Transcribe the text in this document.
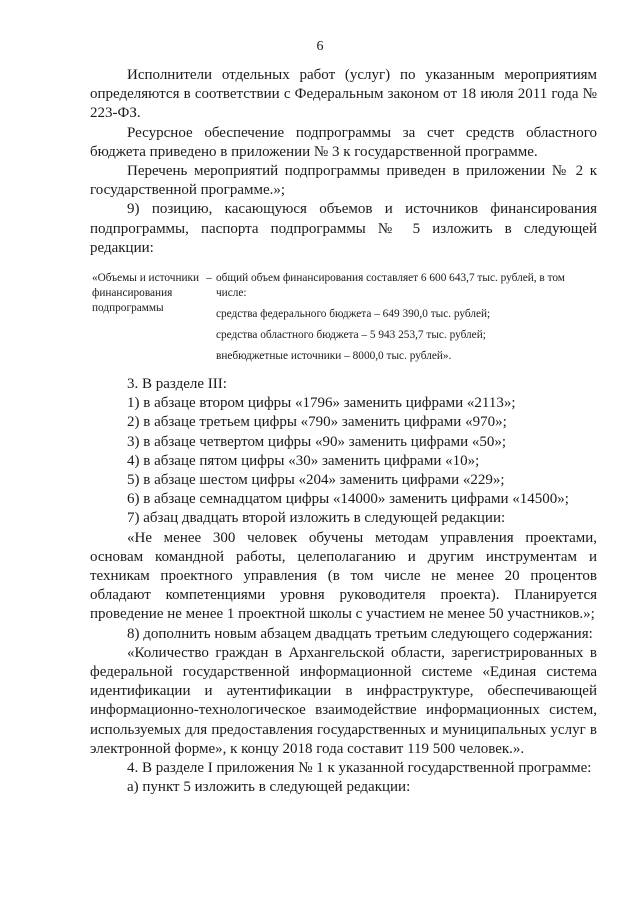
6

Исполнители отдельных работ (услуг) по указанным мероприятиям определяются в соответствии с Федеральным законом от 18 июля 2011 года № 223-ФЗ.

Ресурсное обеспечение подпрограммы за счет средств областного бюджета приведено в приложении № 3 к государственной программе.

Перечень мероприятий подпрограммы приведен в приложении № 2 к государственной программе.»;

9) позицию, касающуюся объемов и источников финансирования подпрограммы, паспорта подпрограммы № 5 изложить в следующей редакции:

«Объемы и источники финансирования подпрограммы
– общий объем финансирования составляет 6 600 643,7 тыс. рублей, в том числе:

средства федерального бюджета – 649 390,0 тыс. рублей;

средства областного бюджета – 5 943 253,7 тыс. рублей;

внебюджетные источники – 8000,0 тыс. рублей».

3. В разделе III:

1) в абзаце втором цифры «1796» заменить цифрами «2113»;

2) в абзаце третьем цифры «790» заменить цифрами «970»;

3) в абзаце четвертом цифры «90» заменить цифрами «50»;

4) в абзаце пятом цифры «30» заменить цифрами «10»;

5) в абзаце шестом цифры «204» заменить цифрами «229»;

6) в абзаце семнадцатом цифры «14000» заменить цифрами «14500»;

7) абзац двадцать второй изложить в следующей редакции:

«Не менее 300 человек обучены методам управления проектами, основам командной работы, целеполаганию и другим инструментам и техникам проектного управления (в том числе не менее 20 процентов обладают компетенциями уровня руководителя проекта). Планируется проведение не менее 1 проектной школы с участием не менее 50 участников.»;

8) дополнить новым абзацем двадцать третьим следующего содержания:

«Количество граждан в Архангельской области, зарегистрированных в федеральной государственной информационной системе «Единая система идентификации и аутентификации в инфраструктуре, обеспечивающей информационно-технологическое взаимодействие информационных систем, используемых для предоставления государственных и муниципальных услуг в электронной форме», к концу 2018 года составит 119 500 человек.».

4. В разделе I приложения № 1 к указанной государственной программе:

а) пункт 5 изложить в следующей редакции:
